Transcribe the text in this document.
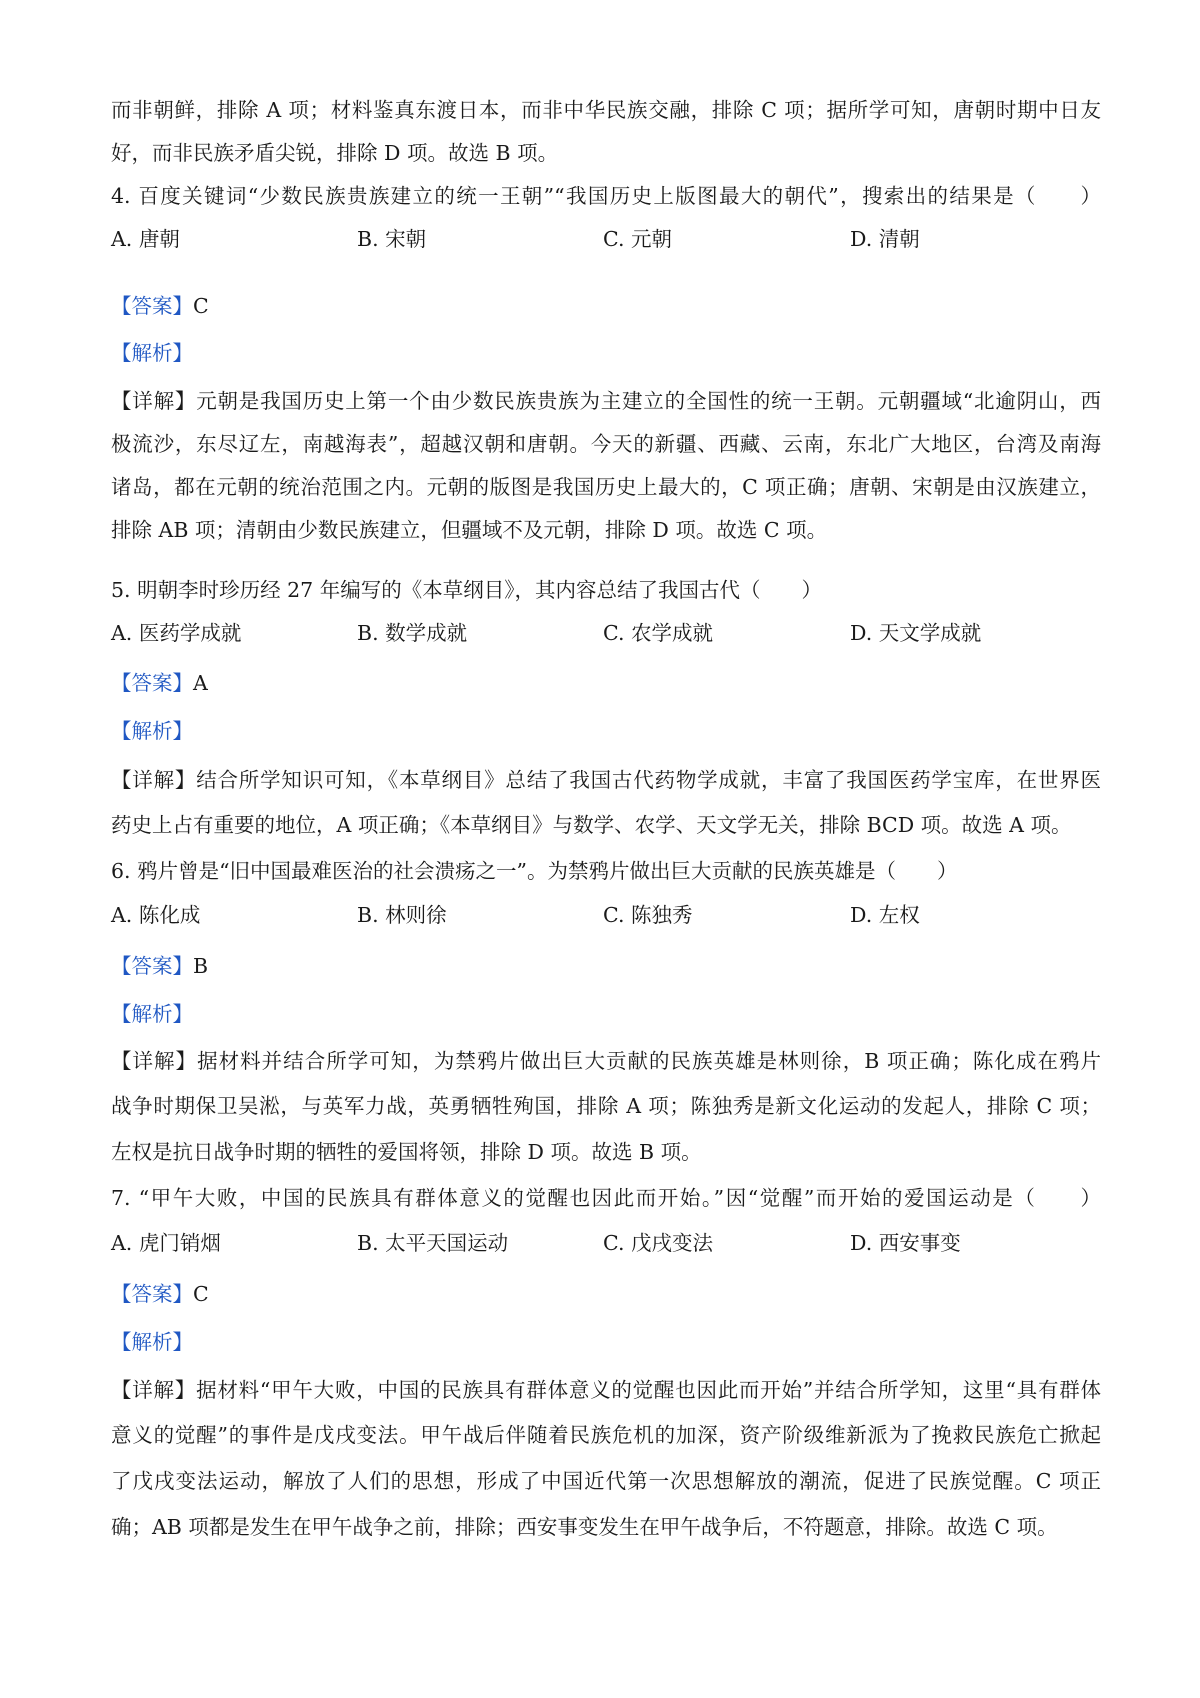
而非朝鲜，排除 A 项；材料鉴真东渡日本，而非中华民族交融，排除 C 项；据所学可知，唐朝时期中日友
好，而非民族矛盾尖锐，排除 D 项。故选 B 项。
4. 百度关键词“少数民族贵族建立的统一王朝”“我国历史上版图最大的朝代”，搜索出的结果是（　　）
A. 唐朝	B. 宋朝	C. 元朝	D. 清朝
【答案】C
【解析】
【详解】元朝是我国历史上第一个由少数民族贵族为主建立的全国性的统一王朝。元朝疆域“北逾阴山，西
极流沙，东尽辽左，南越海表”，超越汉朝和唐朝。今天的新疆、西藏、云南，东北广大地区，台湾及南海
诸岛，都在元朝的统治范围之内。元朝的版图是我国历史上最大的，C 项正确；唐朝、宋朝是由汉族建立，
排除 AB 项；清朝由少数民族建立，但疆域不及元朝，排除 D 项。故选 C 项。
5. 明朝李时珍历经 27 年编写的《本草纲目》，其内容总结了我国古代（　　）
A. 医药学成就	B. 数学成就	C. 农学成就	D. 天文学成就
【答案】A
【解析】
【详解】结合所学知识可知，《本草纲目》总结了我国古代药物学成就，丰富了我国医药学宝库，在世界医
药史上占有重要的地位，A 项正确；《本草纲目》与数学、农学、天文学无关，排除 BCD 项。故选 A 项。
6. 鸦片曾是“旧中国最难医治的社会溃疡之一”。为禁鸦片做出巨大贡献的民族英雄是（　　）
A. 陈化成	B. 林则徐	C. 陈独秀	D. 左权
【答案】B
【解析】
【详解】据材料并结合所学可知，为禁鸦片做出巨大贡献的民族英雄是林则徐，B 项正确；陈化成在鸦片
战争时期保卫吴淞，与英军力战，英勇牺牲殉国，排除 A 项；陈独秀是新文化运动的发起人，排除 C 项；
左权是抗日战争时期的牺牲的爱国将领，排除 D 项。故选 B 项。
7. “甲午大败，中国的民族具有群体意义的觉醒也因此而开始。”因“觉醒”而开始的爱国运动是（　　）
A. 虎门销烟	B. 太平天国运动	C. 戊戌变法	D. 西安事变
【答案】C
【解析】
【详解】据材料“甲午大败，中国的民族具有群体意义的觉醒也因此而开始”并结合所学知，这里“具有群体
意义的觉醒”的事件是戊戌变法。甲午战后伴随着民族危机的加深，资产阶级维新派为了挽救民族危亡掀起
了戊戌变法运动，解放了人们的思想，形成了中国近代第一次思想解放的潮流，促进了民族觉醒。C 项正
确；AB 项都是发生在甲午战争之前，排除；西安事变发生在甲午战争后，不符题意，排除。故选 C 项。
